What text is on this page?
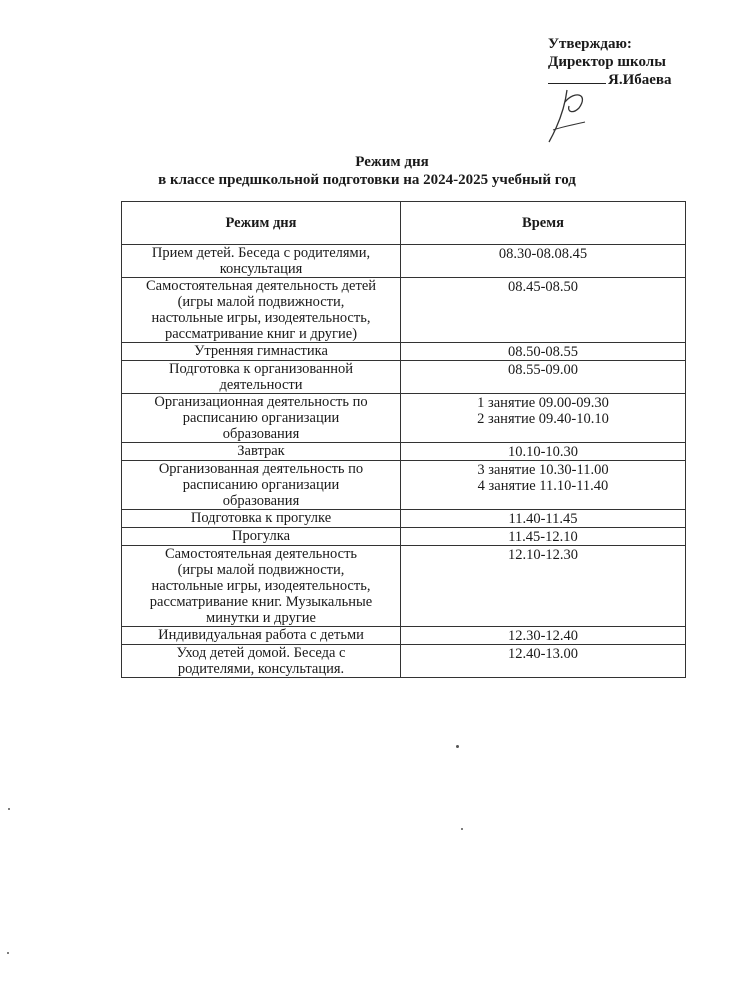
Утверждаю:
Директор школы
Я.Ибаева
Режим дня
в классе предшкольной подготовки на 2024-2025 учебный год
Режим дня	Время
Прием детей. Беседа с родителями,
консультация	08.30-08.08.45
Самостоятельная деятельность детей
(игры малой подвижности,
настольные игры, изодеятельность,
рассматривание книг и другие)	08.45-08.50
Утренняя гимнастика	08.50-08.55
Подготовка к организованной
деятельности	08.55-09.00
Организационная деятельность по
расписанию организации
образования	1 занятие 09.00-09.30
2 занятие 09.40-10.10
Завтрак	10.10-10.30
Организованная деятельность по
расписанию организации
образования	3 занятие 10.30-11.00
4 занятие 11.10-11.40
Подготовка к прогулке	11.40-11.45
Прогулка	11.45-12.10
Самостоятельная деятельность
(игры малой подвижности,
настольные игры, изодеятельность,
рассматривание книг. Музыкальные
минутки и другие	12.10-12.30
Индивидуальная работа с детьми	12.30-12.40
Уход детей домой. Беседа с
родителями, консультация.	12.40-13.00
